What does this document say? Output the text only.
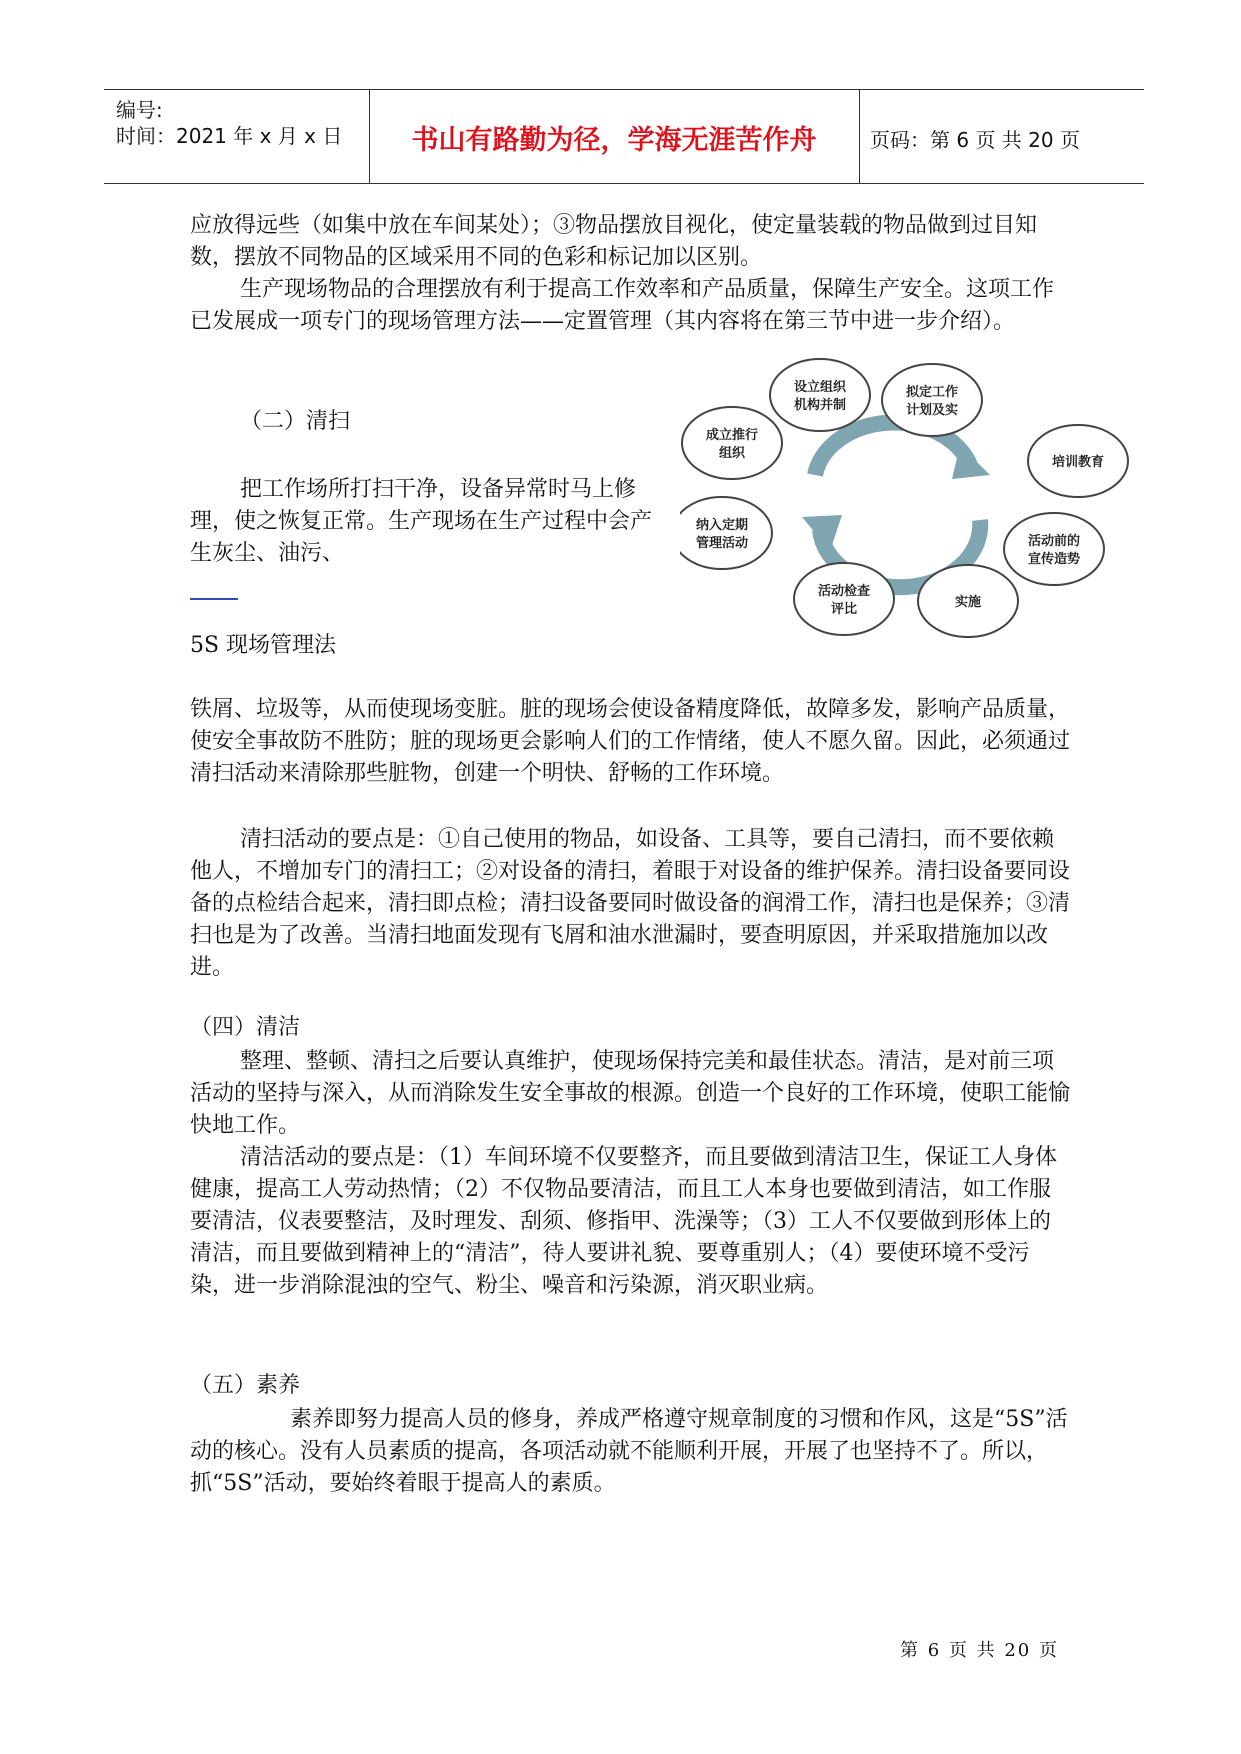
编号:
时间：2021 年 x 月 x 日	书山有路勤为径，学海无涯苦作舟	页码：第 6 页 共 20 页

应放得远些（如集中放在车间某处）；③物品摆放目视化，使定量装载的物品做到过目知数，摆放不同物品的区域采用不同的色彩和标记加以区别。

生产现场物品的合理摆放有利于提高工作效率和产品质量，保障生产安全。这项工作已发展成一项专门的现场管理方法——定置管理（其内容将在第三节中进一步介绍）。

（二）清扫

把工作场所打扫干净，设备异常时马上修理，使之恢复正常。生产现场在生产过程中会产生灰尘、油污、

5S 现场管理法

铁屑、垃圾等，从而使现场变脏。脏的现场会使设备精度降低，故障多发，影响产品质量，使安全事故防不胜防；脏的现场更会影响人们的工作情绪，使人不愿久留。因此，必须通过清扫活动来清除那些脏物，创建一个明快、舒畅的工作环境。

清扫活动的要点是：①自己使用的物品，如设备、工具等，要自己清扫，而不要依赖他人，不增加专门的清扫工；②对设备的清扫，着眼于对设备的维护保养。清扫设备要同设备的点检结合起来，清扫即点检；清扫设备要同时做设备的润滑工作，清扫也是保养；③清扫也是为了改善。当清扫地面发现有飞屑和油水泄漏时，要查明原因，并采取措施加以改进。

（四）清洁

整理、整顿、清扫之后要认真维护，使现场保持完美和最佳状态。清洁，是对前三项活动的坚持与深入，从而消除发生安全事故的根源。创造一个良好的工作环境，使职工能愉快地工作。

清洁活动的要点是：（1）车间环境不仅要整齐，而且要做到清洁卫生，保证工人身体健康，提高工人劳动热情；（2）不仅物品要清洁，而且工人本身也要做到清洁，如工作服要清洁，仪表要整洁，及时理发、刮须、修指甲、洗澡等；（3）工人不仅要做到形体上的清洁，而且要做到精神上的“清洁”，待人要讲礼貌、要尊重别人；（4）要使环境不受污染，进一步消除混浊的空气、粉尘、噪音和污染源，消灭职业病。

（五）素养

素养即努力提高人员的修身，养成严格遵守规章制度的习惯和作风，这是“5S”活动的核心。没有人员素质的提高，各项活动就不能顺利开展，开展了也坚持不了。所以，抓“5S”活动，要始终着眼于提高人的素质。

设立组织
机构并制
拟定工作
计划及实
培训教育
活动前的
宣传造势
实施
活动检查
评比
纳入定期
管理活动
成立推行
组织
第 6 页 共 20 页
